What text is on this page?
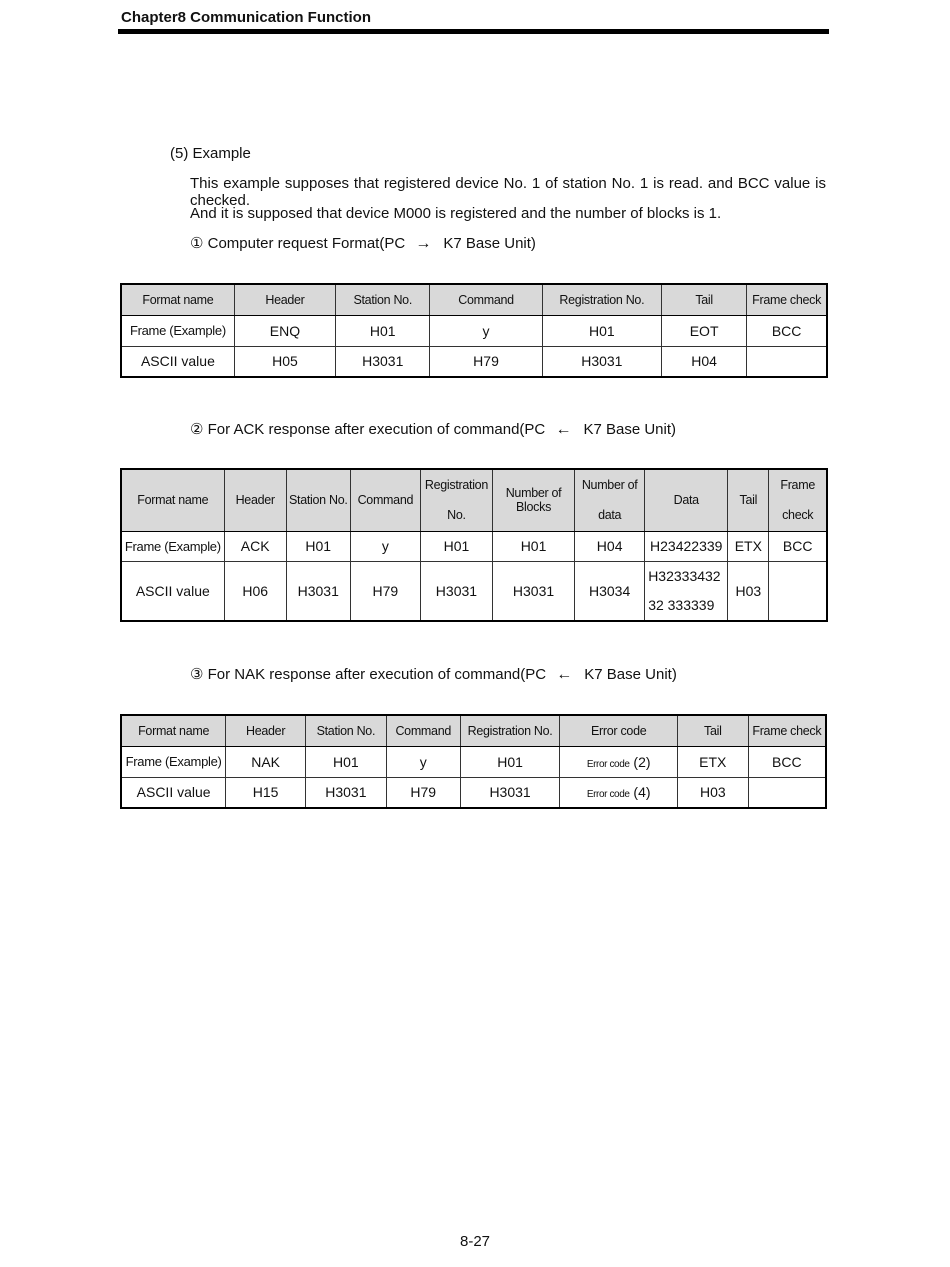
Chapter8 Communication Function
(5) Example
This example supposes that registered device No. 1 of station No. 1 is read. and BCC value is checked.
And it is supposed that device M000 is registered and the number of blocks is 1.
① Computer request Format(PC → K7 Base Unit)
Format name	Header	Station No.	Command	Registration No.	Tail	Frame check
Frame (Example)	ENQ	H01	y	H01	EOT	BCC
ASCII value	H05	H3031	H79	H3031	H04	
② For ACK response after execution of command(PC ← K7 Base Unit)
Format name	Header	Station No.	Command	Registration No.	Number of Blocks	Number of data	Data	Tail	Frame check
Frame (Example)	ACK	H01	y	H01	H01	H04	H23422339	ETX	BCC
ASCII value	H06	H3031	H79	H3031	H3031	H3034	H3233343232 333339	H03	
③ For NAK response after execution of command(PC ← K7 Base Unit)
Format name	Header	Station No.	Command	Registration No.	Error code	Tail	Frame check
Frame (Example)	NAK	H01	y	H01	Error code (2)	ETX	BCC
ASCII value	H15	H3031	H79	H3031	Error code (4)	H03	
8-27
